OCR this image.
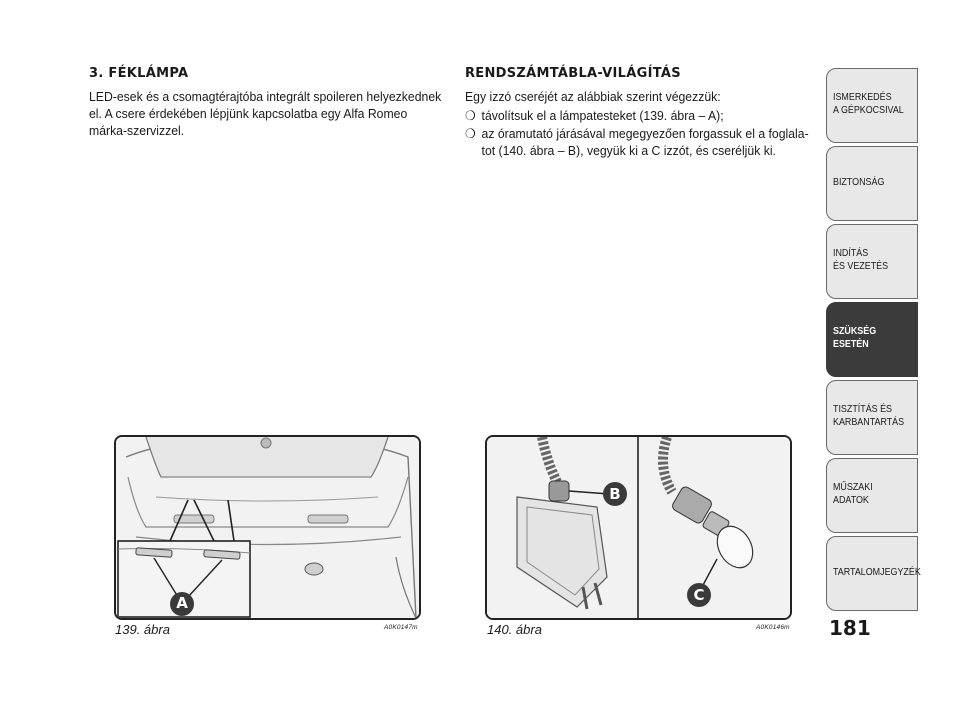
3. FÉKLÁMPA

LED-esek és a csomagtérajtóba integrált spoileren helyezkednek el. A csere érdekében lépjünk kapcsolatba egy Alfa Romeo márka-szervizzel.

RENDSZÁMTÁBLA-VILÁGÍTÁS

Egy izzó cseréjét az alábbiak szerint végezzük:

❍ távolítsuk el a lámpatesteket (139. ábra – A);
❍ az óramutató járásával megegyezően forgassuk el a foglala-tot (140. ábra – B), vegyük ki a C izzót, és cseréljük ki.
A
139. ábra	A0K0147m
B
C
140. ábra	A0K0146m 181
ISMERKEDÉS
A GÉPKOCSIVAL
BIZTONSÁG
INDÍTÁS
ÉS VEZETÉS
SZÜKSÉG
ESETÉN
TISZTÍTÁS ÉS
KARBANTARTÁS
MŰSZAKI
ADATOK
TARTALOMJEGYZÉK
